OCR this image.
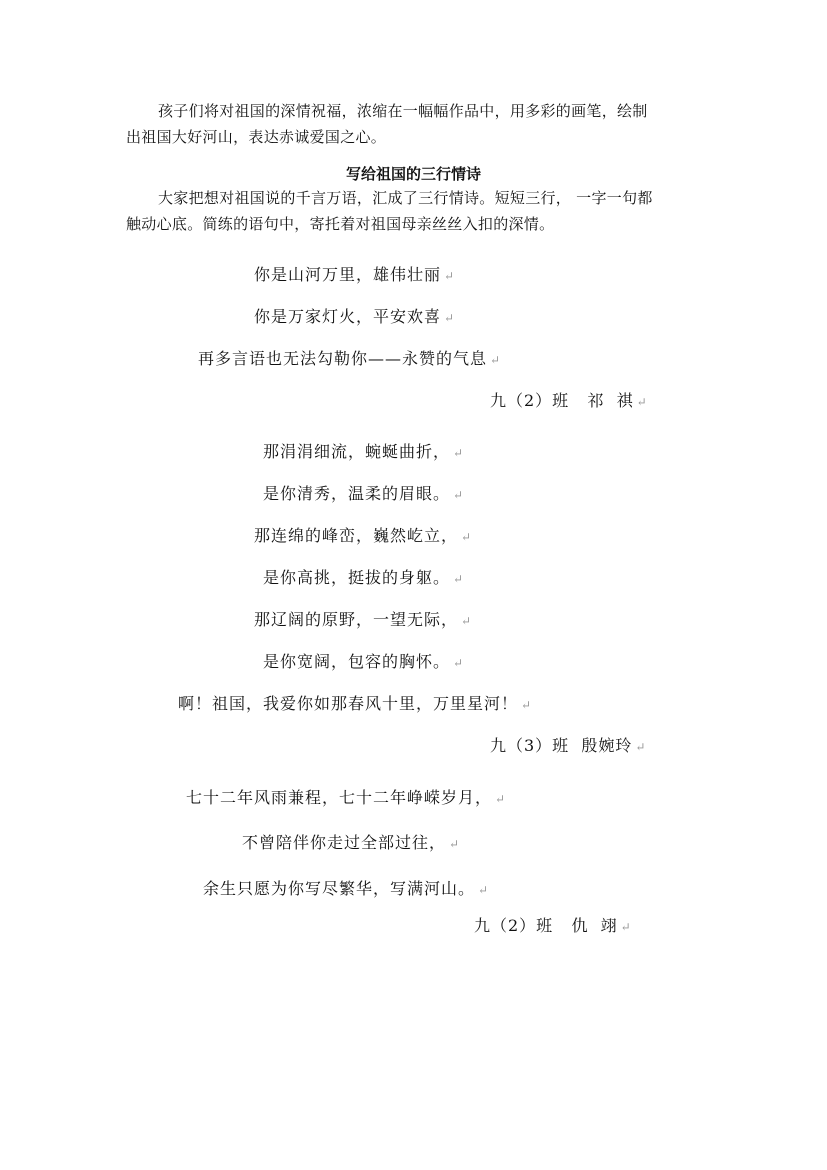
孩子们将对祖国的深情祝福，浓缩在一幅幅作品中，用多彩的画笔，绘制
出祖国大好河山，表达赤诚爱国之心。
写给祖国的三行情诗
大家把想对祖国说的千言万语，汇成了三行情诗。短短三行， 一字一句都
触动心底。简练的语句中，寄托着对祖国母亲丝丝入扣的深情。
你是山河万里，雄伟壮丽 ↵
你是万家灯火，平安欢喜 ↵
再多言语也无法勾勒你——永赞的气息 ↵
九（2）班   祁  祺 ↵
那涓涓细流，蜿蜒曲折， ↵
是你清秀，温柔的眉眼。 ↵
那连绵的峰峦，巍然屹立， ↵
是你高挑，挺拔的身躯。 ↵
那辽阔的原野，一望无际， ↵
是你宽阔，包容的胸怀。 ↵
啊！祖国，我爱你如那春风十里，万里星河！ ↵
九（3）班  殷婉玲 ↵
七十二年风雨兼程，七十二年峥嵘岁月， ↵
不曾陪伴你走过全部过往， ↵
余生只愿为你写尽繁华，写满河山。 ↵
九（2）班   仇  翊 ↵
